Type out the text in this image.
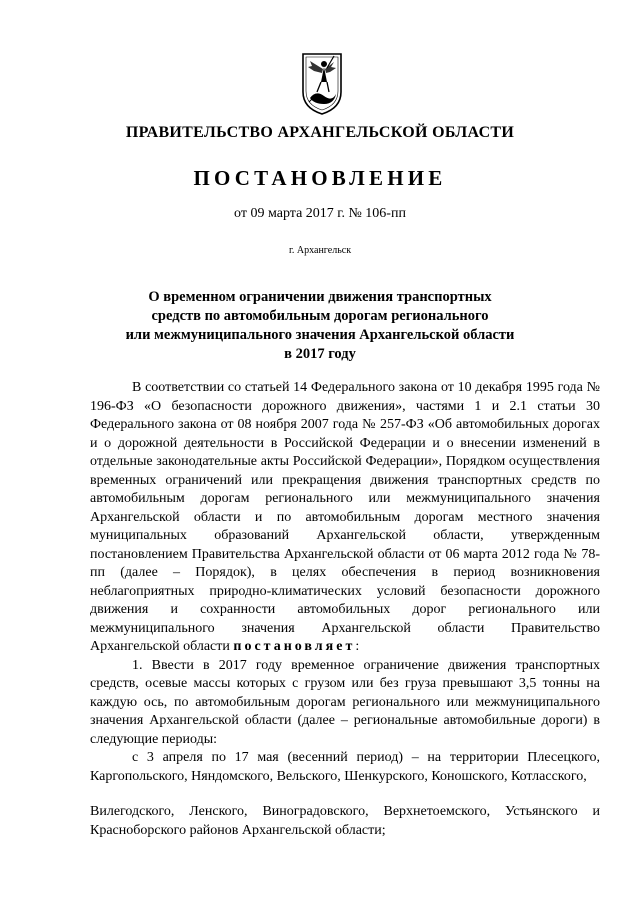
ПРАВИТЕЛЬСТВО АРХАНГЕЛЬСКОЙ ОБЛАСТИ
ПОСТАНОВЛЕНИЕ
от 09 марта 2017 г. № 106-пп
г. Архангельск
О временном ограничении движения транспортных
средств по автомобильным дорогам регионального
или межмуниципального значения Архангельской области
в 2017 году

В соответствии со статьей 14 Федерального закона от 10 декабря 1995 года № 196-ФЗ «О безопасности дорожного движения», частями 1 и 2.1 статьи 30 Федерального закона от 08 ноября 2007 года № 257-ФЗ «Об автомобильных дорогах и о дорожной деятельности в Российской Федерации и о внесении изменений в отдельные законодательные акты Российской Федерации», Порядком осуществления временных ограничений или прекращения движения транспортных средств по автомобильным дорогам регионального или межмуниципального значения Архангельской области и по автомобильным дорогам местного значения муниципальных образований Архангельской области, утвержденным постановлением Правительства Архангельской области от 06 марта 2012 года № 78-пп (далее – Порядок), в целях обеспечения в период возникновения неблагоприятных природно-климатических условий безопасности дорожного движения и сохранности автомобильных дорог регионального или межмуниципального значения Архангельской области Правительство Архангельской области постановляет:

1. Ввести в 2017 году временное ограничение движения транспортных средств, осевые массы которых с грузом или без груза превышают 3,5 тонны на каждую ось, по автомобильным дорогам регионального или межмуниципального значения Архангельской области (далее – региональные автомобильные дороги) в следующие периоды:

с 3 апреля по 17 мая (весенний период) – на территории Плесецкого, Каргопольского, Няндомского, Вельского, Шенкурского, Коношского, Котласского,

Вилегодского, Ленского, Виноградовского, Верхнетоемского, Устьянского и Красноборского районов Архангельской области;
